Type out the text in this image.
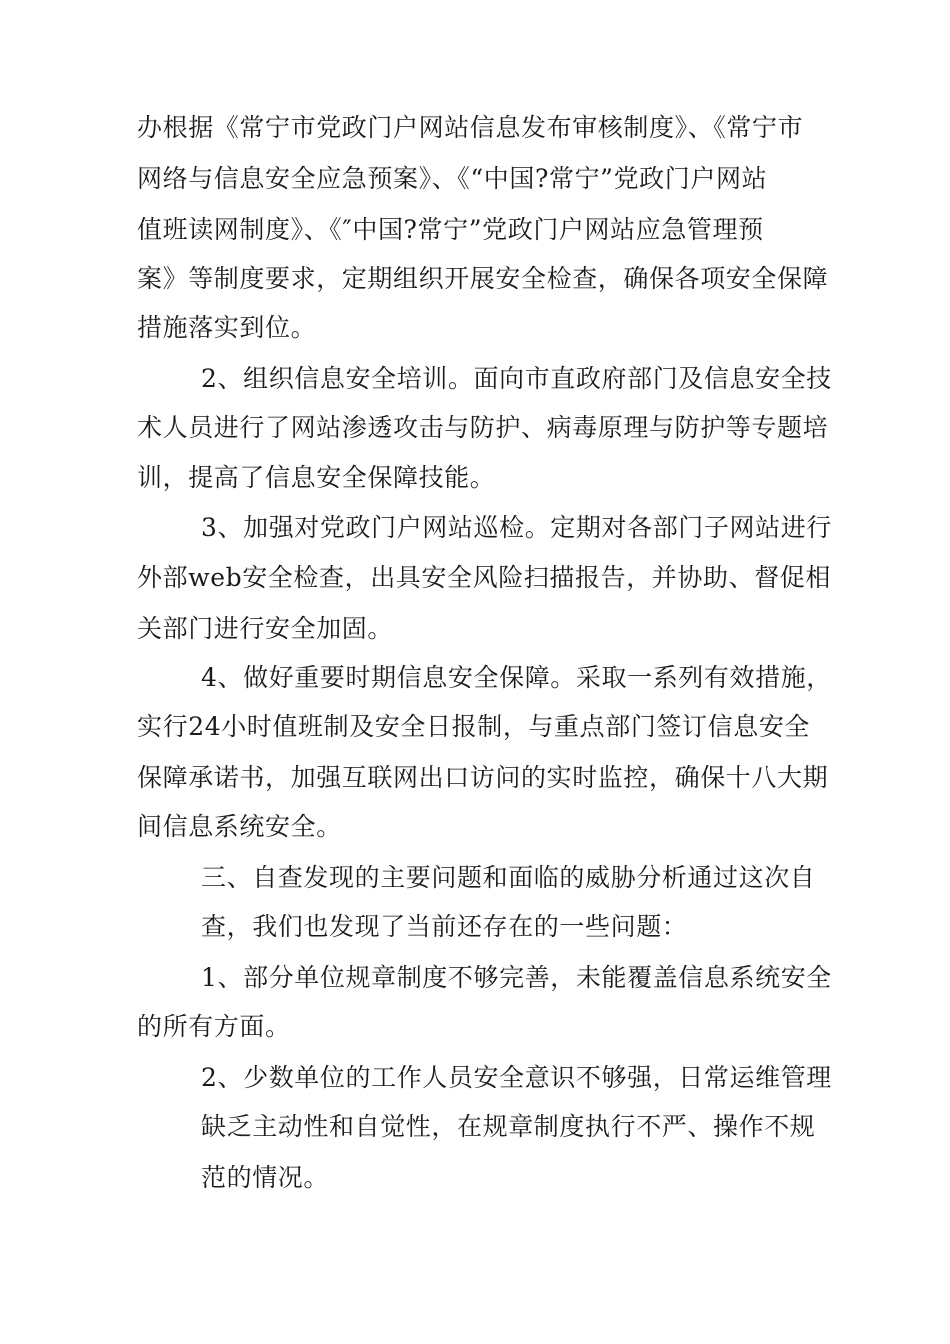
办根据《常宁市党政门户网站信息发布审核制度》、《常宁市
网络与信息安全应急预案》、《“中国?常宁”党政门户网站
值班读网制度》、《″中国?常宁”党政门户网站应急管理预
案》等制度要求，定期组织开展安全检查，确保各项安全保障
措施落实到位。
2、组织信息安全培训。面向市直政府部门及信息安全技
术人员进行了网站渗透攻击与防护、病毒原理与防护等专题培
训，提高了信息安全保障技能。
3、加强对党政门户网站巡检。定期对各部门子网站进行
外部web安全检查，出具安全风险扫描报告，并协助、督促相
关部门进行安全加固。
4、做好重要时期信息安全保障。采取一系列有效措施，
实行24小时值班制及安全日报制，与重点部门签订信息安全
保障承诺书，加强互联网出口访问的实时监控，确保十八大期
间信息系统安全。
三、自查发现的主要问题和面临的威胁分析通过这次自
查，我们也发现了当前还存在的一些问题：
1、部分单位规章制度不够完善，未能覆盖信息系统安全
的所有方面。
2、少数单位的工作人员安全意识不够强，日常运维管理
缺乏主动性和自觉性，在规章制度执行不严、操作不规
范的情况。
